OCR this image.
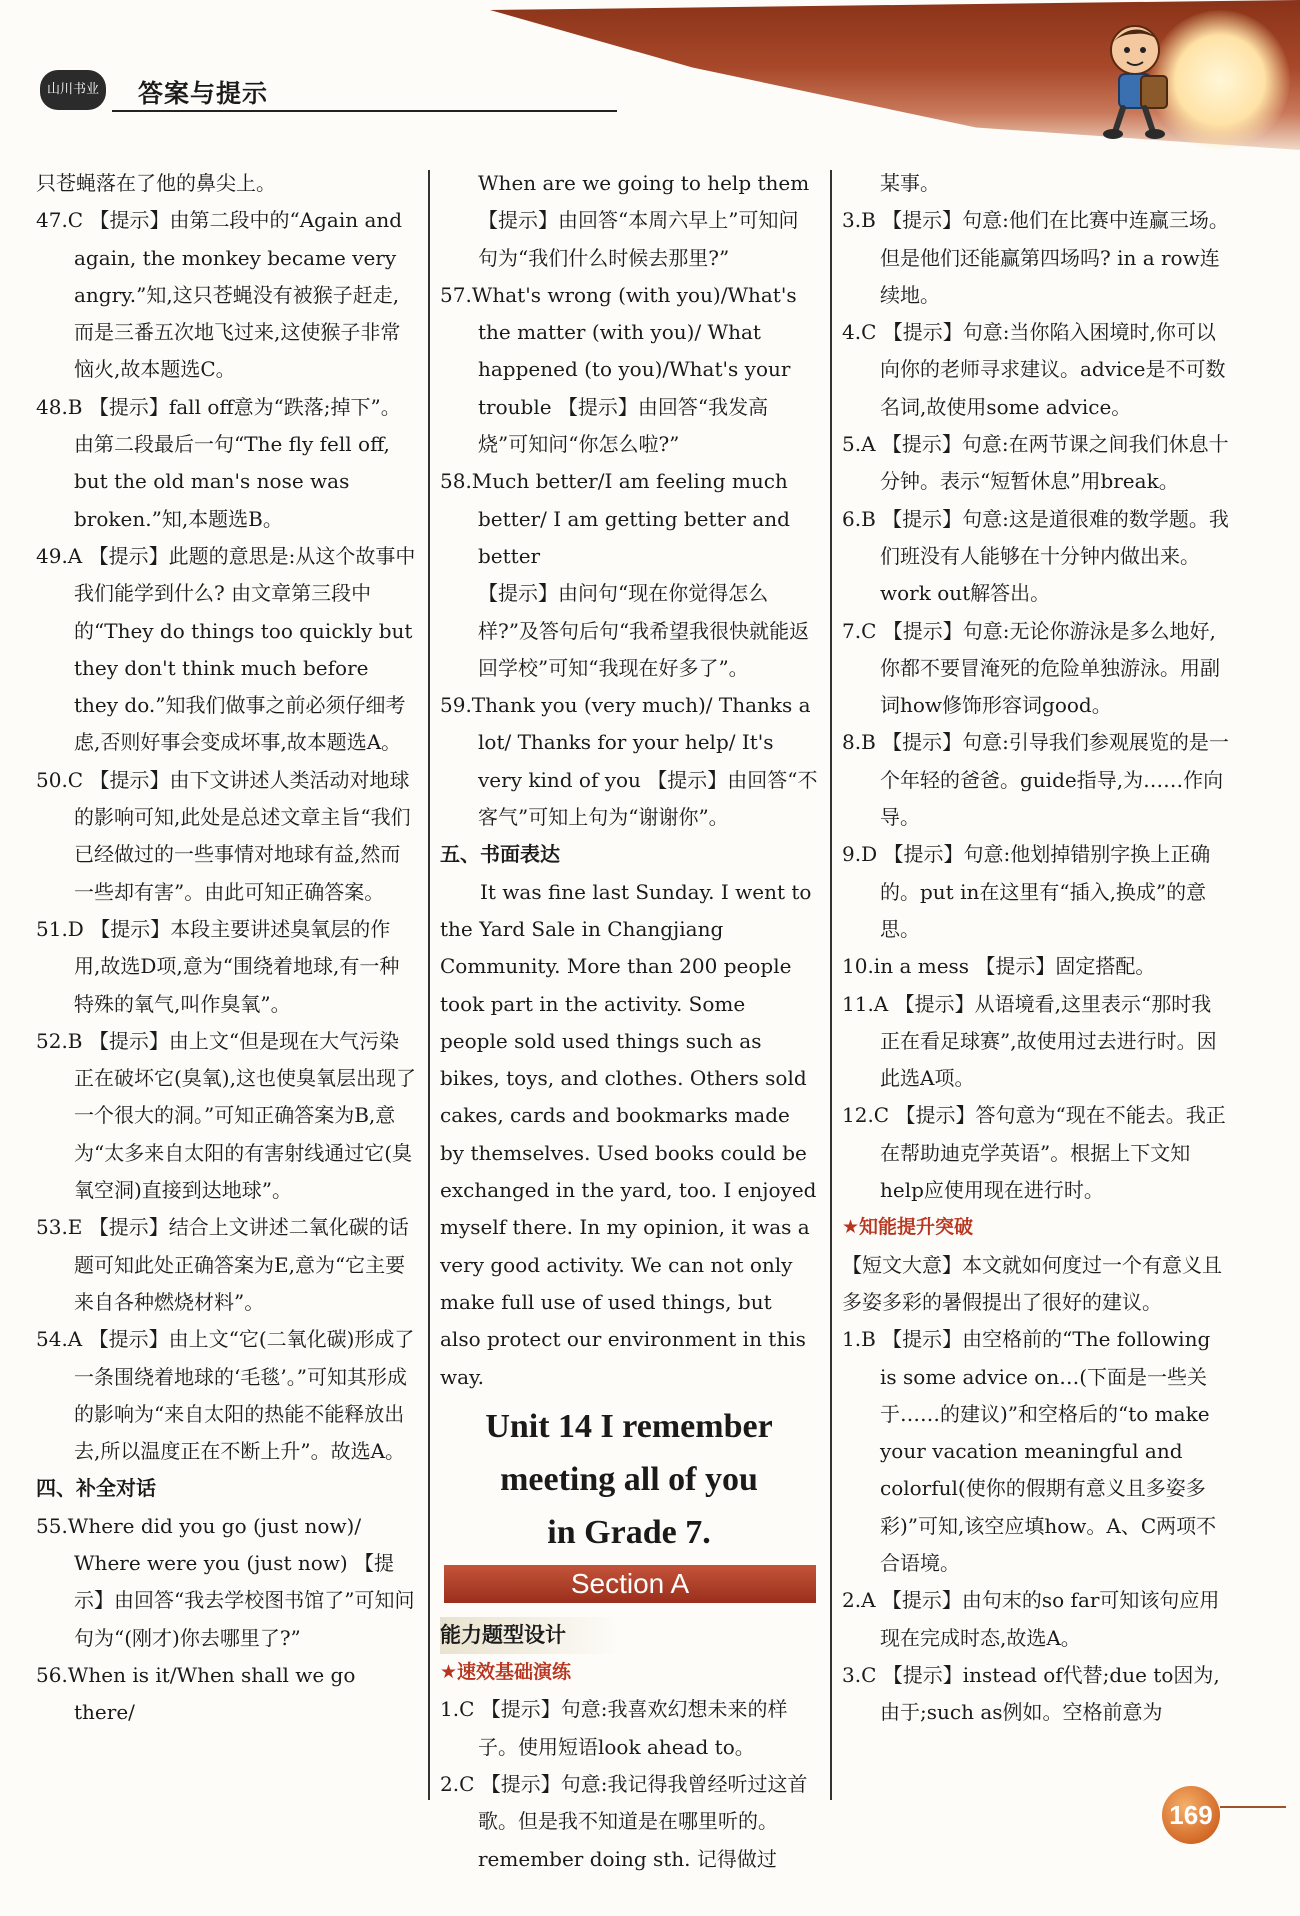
山川书业 答案与提示

只苍蝇落在了他的鼻尖上。

47.C 【提示】由第二段中的“Again and again, the monkey became very angry.”知,这只苍蝇没有被猴子赶走,而是三番五次地飞过来,这使猴子非常恼火,故本题选C。

48.B 【提示】fall off意为“跌落;掉下”。由第二段最后一句“The fly fell off, but the old man's nose was broken.”知,本题选B。

49.A 【提示】此题的意思是:从这个故事中我们能学到什么? 由文章第三段中的“They do things too quickly but they don't think much before they do.”知我们做事之前必须仔细考虑,否则好事会变成坏事,故本题选A。

50.C 【提示】由下文讲述人类活动对地球的影响可知,此处是总述文章主旨“我们已经做过的一些事情对地球有益,然而一些却有害”。由此可知正确答案。

51.D 【提示】本段主要讲述臭氧层的作用,故选D项,意为“围绕着地球,有一种特殊的氧气,叫作臭氧”。

52.B 【提示】由上文“但是现在大气污染正在破坏它(臭氧),这也使臭氧层出现了一个很大的洞。”可知正确答案为B,意为“太多来自太阳的有害射线通过它(臭氧空洞)直接到达地球”。

53.E 【提示】结合上文讲述二氧化碳的话题可知此处正确答案为E,意为“它主要来自各种燃烧材料”。

54.A 【提示】由上文“它(二氧化碳)形成了一条围绕着地球的‘毛毯’。”可知其形成的影响为“来自太阳的热能不能释放出去,所以温度正在不断上升”。故选A。

四、补全对话

55.Where did you go (just now)/ Where were you (just now) 【提示】由回答“我去学校图书馆了”可知问句为“(刚才)你去哪里了?”

56.When is it/When shall we go there/

When are we going to help them

【提示】由回答“本周六早上”可知问句为“我们什么时候去那里?”

57.What's wrong (with you)/What's the matter (with you)/ What happened (to you)/What's your trouble 【提示】由回答“我发高烧”可知问“你怎么啦?”

58.Much better/I am feeling much better/ I am getting better and better

【提示】由问句“现在你觉得怎么样?”及答句后句“我希望我很快就能返回学校”可知“我现在好多了”。

59.Thank you (very much)/ Thanks a lot/ Thanks for your help/ It's very kind of you 【提示】由回答“不客气”可知上句为“谢谢你”。

五、书面表达

It was fine last Sunday. I went to the Yard Sale in Changjiang Community. More than 200 people took part in the activity. Some people sold used things such as bikes, toys, and clothes. Others sold cakes, cards and bookmarks made by themselves. Used books could be exchanged in the yard, too. I enjoyed myself there. In my opinion, it was a very good activity. We can not only make full use of used things, but also protect our environment in this way.

Unit 14 I remember
meeting all of you
in Grade 7.
Section A

能力题型设计

★速效基础演练

1.C 【提示】句意:我喜欢幻想未来的样子。使用短语look ahead to。

2.C 【提示】句意:我记得我曾经听过这首歌。但是我不知道是在哪里听的。remember doing sth. 记得做过

某事。

3.B 【提示】句意:他们在比赛中连赢三场。但是他们还能赢第四场吗? in a row连续地。

4.C 【提示】句意:当你陷入困境时,你可以向你的老师寻求建议。advice是不可数名词,故使用some advice。

5.A 【提示】句意:在两节课之间我们休息十分钟。表示“短暂休息”用break。

6.B 【提示】句意:这是道很难的数学题。我们班没有人能够在十分钟内做出来。work out解答出。

7.C 【提示】句意:无论你游泳是多么地好,你都不要冒淹死的危险单独游泳。用副词how修饰形容词good。

8.B 【提示】句意:引导我们参观展览的是一个年轻的爸爸。guide指导,为……作向导。

9.D 【提示】句意:他划掉错别字换上正确的。put in在这里有“插入,换成”的意思。

10.in a mess 【提示】固定搭配。

11.A 【提示】从语境看,这里表示“那时我正在看足球赛”,故使用过去进行时。因此选A项。

12.C 【提示】答句意为“现在不能去。我正在帮助迪克学英语”。根据上下文知help应使用现在进行时。

★知能提升突破

【短文大意】本文就如何度过一个有意义且多姿多彩的暑假提出了很好的建议。

1.B 【提示】由空格前的“The following is some advice on…(下面是一些关于……的建议)”和空格后的“to make your vacation meaningful and colorful(使你的假期有意义且多姿多彩)”可知,该空应填how。A、C两项不合语境。

2.A 【提示】由句末的so far可知该句应用现在完成时态,故选A。

3.C 【提示】instead of代替;due to因为,由于;such as例如。空格前意为

169
